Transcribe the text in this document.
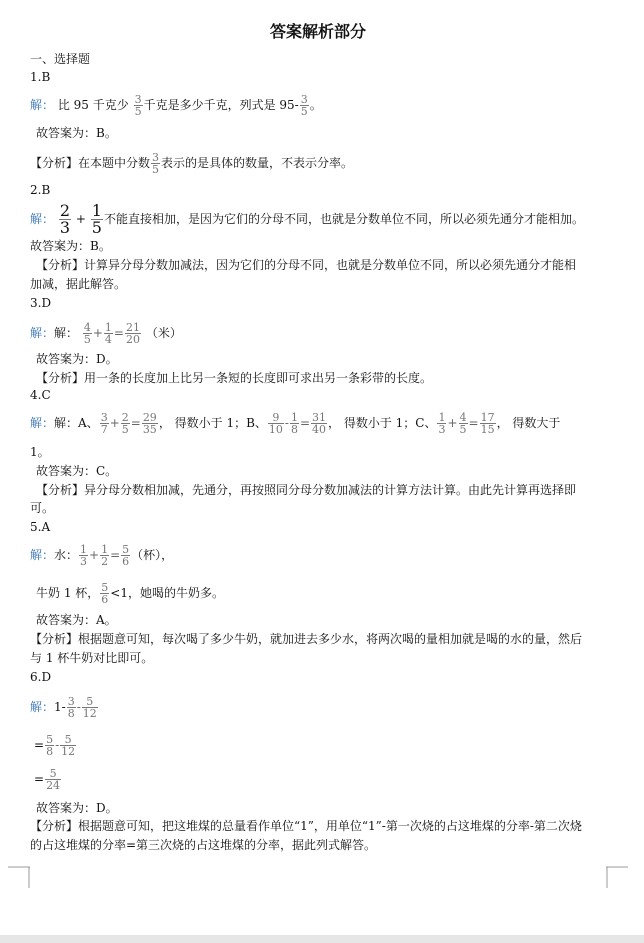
答案解析部分
一、选择题
1.B
解： 比 95 千克少 $\frac{3}{5}$ 千克是多少千克，列式是 $95- \frac{3}{5}$ 。
故答案为：B。
【分析】在本题中分数 $\frac{3}{5}$ 表示的是具体的数量，不表示分率。
2.B
解： $\frac{2}{3} + \frac{1}{5}$ 不能直接相加，是因为它们的分母不同，也就是分数单位不同，所以必须先通分才能相加。
故答案为：B。
【分析】计算异分母分数加减法，因为它们的分母不同，也就是分数单位不同，所以必须先通分才能相
加减，据此解答。
3.D
解：解： $\frac{4}{5} + \frac{1}{4} = \frac{21}{20}$ （米）
故答案为：D。
【分析】用一条的长度加上比另一条短的长度即可求出另一条彩带的长度。
4.C
解：解：A、 $\frac{3}{7} + \frac{2}{5} = \frac{29}{35}$ ， 得数小于 1；B、 $\frac{9}{10} - \frac{1}{8} = \frac{31}{40}$ ， 得数小于 1；C、 $\frac{1}{3} + \frac{4}{5} = \frac{17}{15}$ ， 得数大于
1。
故答案为：C。
【分析】异分母分数相加减，先通分，再按照同分母分数加减法的计算方法计算。由此先计算再选择即
可。
5.A
解：水： $\frac{1}{3} + \frac{1}{2} = \frac{5}{6}$ （杯），
牛奶 1 杯， $\frac{5}{6} <1$，她喝的牛奶多。
故答案为：A。
【分析】根据题意可知，每次喝了多少牛奶，就加进去多少水，将两次喝的量相加就是喝的水的量，然后
与 1 杯牛奶对比即可。
6.D
解：$1- \frac{3}{8} - \frac{5}{12}$
= $\frac{5}{8} - \frac{5}{12}$
= $\frac{5}{24}$
故答案为：D。
【分析】根据题意可知，把这堆煤的总量看作单位“1”，用单位“1”-第一次烧的占这堆煤的分率-第二次烧
的占这堆煤的分率=第三次烧的占这堆煤的分率，据此列式解答。
